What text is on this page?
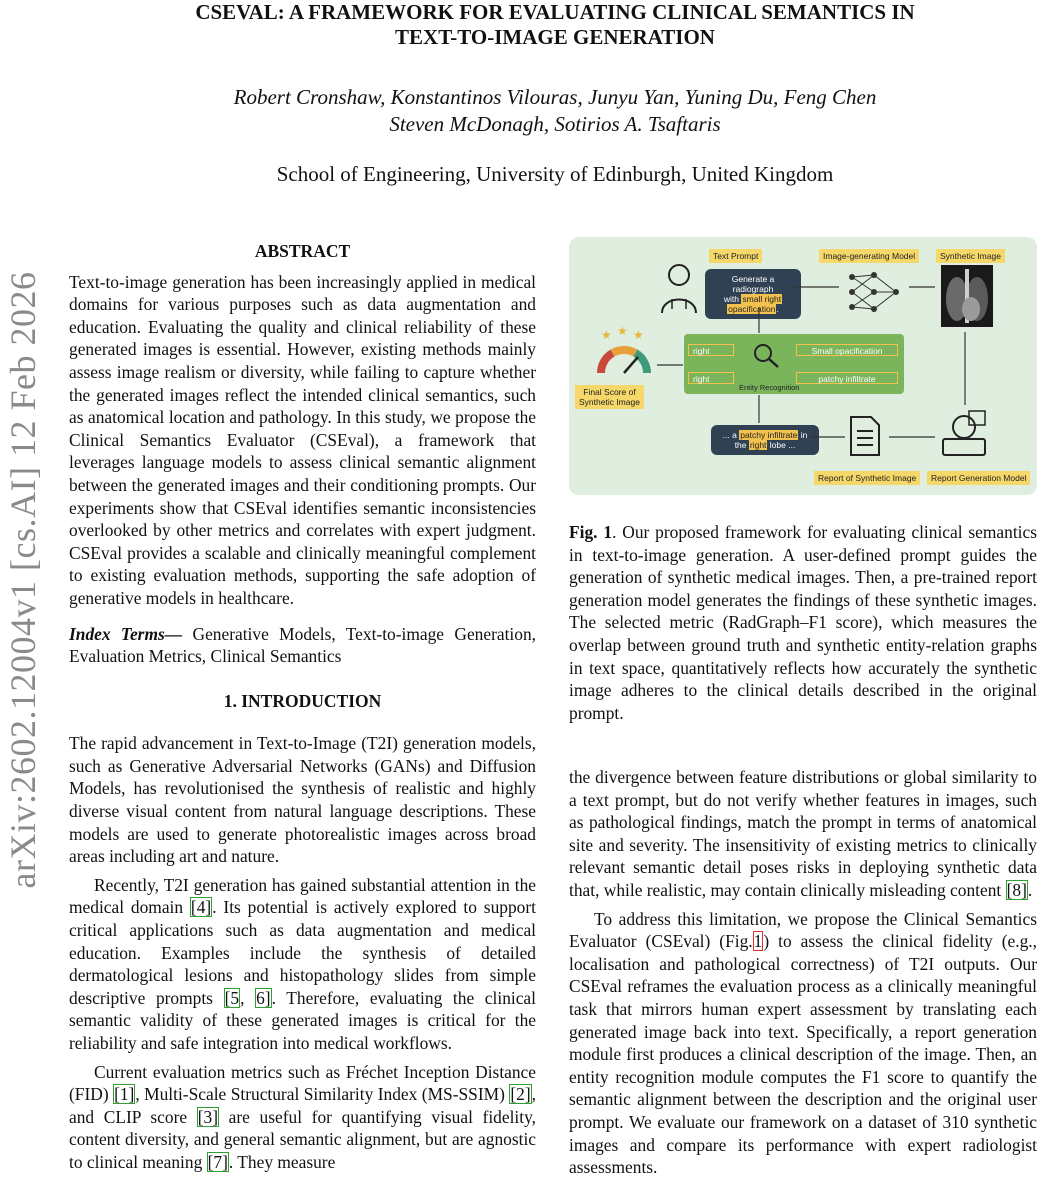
arXiv:2602.12004v1 [cs.AI] 12 Feb 2026
CSEVAL: A FRAMEWORK FOR EVALUATING CLINICAL SEMANTICS IN
TEXT-TO-IMAGE GENERATION
Robert Cronshaw, Konstantinos Vilouras, Junyu Yan, Yuning Du, Feng Chen
Steven McDonagh, Sotirios A. Tsaftaris
School of Engineering, University of Edinburgh, United Kingdom
ABSTRACT

Text-to-image generation has been increasingly applied in medical domains for various purposes such as data augmentation and education. Evaluating the quality and clinical reliability of these generated images is essential. However, existing methods mainly assess image realism or diversity, while failing to capture whether the generated images reflect the intended clinical semantics, such as anatomical location and pathology. In this study, we propose the Clinical Semantics Evaluator (CSEval), a framework that leverages language models to assess clinical semantic alignment between the generated images and their conditioning prompts. Our experiments show that CSEval identifies semantic inconsistencies overlooked by other metrics and correlates with expert judgment. CSEval provides a scalable and clinically meaningful complement to existing evaluation methods, supporting the safe adoption of generative models in healthcare.

Index Terms— Generative Models, Text-to-image Generation, Evaluation Metrics, Clinical Semantics

1. INTRODUCTION

The rapid advancement in Text-to-Image (T2I) generation models, such as Generative Adversarial Networks (GANs) and Diffusion Models, has revolutionised the synthesis of realistic and highly diverse visual content from natural language descriptions. These models are used to generate photorealistic images across broad areas including art and nature.

Recently, T2I generation has gained substantial attention in the medical domain [4]. Its potential is actively explored to support critical applications such as data augmentation and medical education. Examples include the synthesis of detailed dermatological lesions and histopathology slides from simple descriptive prompts [5, 6]. Therefore, evaluating the clinical semantic validity of these generated images is critical for the reliability and safe integration into medical workflows.

Current evaluation metrics such as Fréchet Inception Distance (FID) [1], Multi-Scale Structural Similarity Index (MS-SSIM) [2], and CLIP score [3] are useful for quantifying visual fidelity, content diversity, and general semantic alignment, but are agnostic to clinical meaning [7]. They measure

Text Prompt	Image-generating Model	Synthetic Image
Generate a radiograph
with small right
opacification.
★ ★ ★
Final Score of
Synthetic Image
right
right
Small opacification
patchy infiltrate
Entity Recognition
... a patchy infiltrate in
the right lobe ...
Report of Synthetic Image	Report Generation Model

Fig. 1. Our proposed framework for evaluating clinical semantics in text-to-image generation. A user-defined prompt guides the generation of synthetic medical images. Then, a pre-trained report generation model generates the findings of these synthetic images. The selected metric (RadGraph–F1 score), which measures the overlap between ground truth and synthetic entity-relation graphs in text space, quantitatively reflects how accurately the synthetic image adheres to the clinical details described in the original prompt.

the divergence between feature distributions or global similarity to a text prompt, but do not verify whether features in images, such as pathological findings, match the prompt in terms of anatomical site and severity. The insensitivity of existing metrics to clinically relevant semantic detail poses risks in deploying synthetic data that, while realistic, may contain clinically misleading content [8].

To address this limitation, we propose the Clinical Semantics Evaluator (CSEval) (Fig.1) to assess the clinical fidelity (e.g., localisation and pathological correctness) of T2I outputs. Our CSEval reframes the evaluation process as a clinically meaningful task that mirrors human expert assessment by translating each generated image back into text. Specifically, a report generation module first produces a clinical description of the image. Then, an entity recognition module computes the F1 score to quantify the semantic alignment between the description and the original user prompt. We evaluate our framework on a dataset of 310 synthetic images and compare its performance with expert radiologist assessments.
